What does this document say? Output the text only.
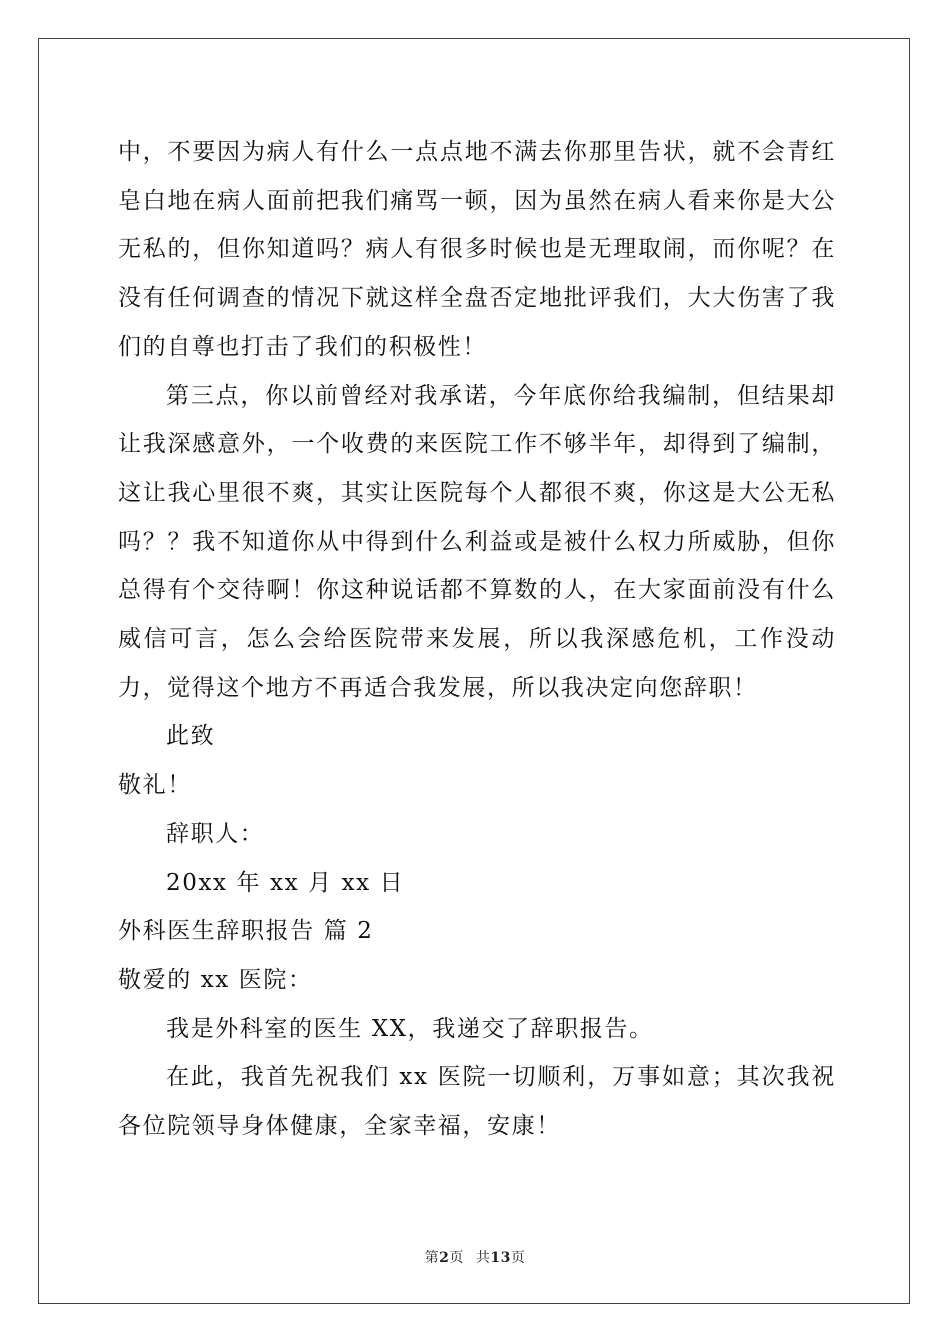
中，不要因为病人有什么一点点地不满去你那里告状，就不会青红皂白地在病人面前把我们痛骂一顿，因为虽然在病人看来你是大公无私的，但你知道吗？病人有很多时候也是无理取闹，而你呢？在没有任何调查的情况下就这样全盘否定地批评我们，大大伤害了我们的自尊也打击了我们的积极性！

第三点，你以前曾经对我承诺，今年底你给我编制，但结果却让我深感意外，一个收费的来医院工作不够半年，却得到了编制，这让我心里很不爽，其实让医院每个人都很不爽，你这是大公无私吗？？我不知道你从中得到什么利益或是被什么权力所威胁，但你总得有个交待啊！你这种说话都不算数的人，在大家面前没有什么威信可言，怎么会给医院带来发展，所以我深感危机，工作没动力，觉得这个地方不再适合我发展，所以我决定向您辞职！

此致

敬礼！

辞职人：

20xx 年 xx 月 xx 日

外科医生辞职报告 篇 2

敬爱的 xx 医院：

我是外科室的医生 XX，我递交了辞职报告。

在此，我首先祝我们 xx 医院一切顺利，万事如意；其次我祝各位院领导身体健康，全家幸福，安康！

第2页 共13页
